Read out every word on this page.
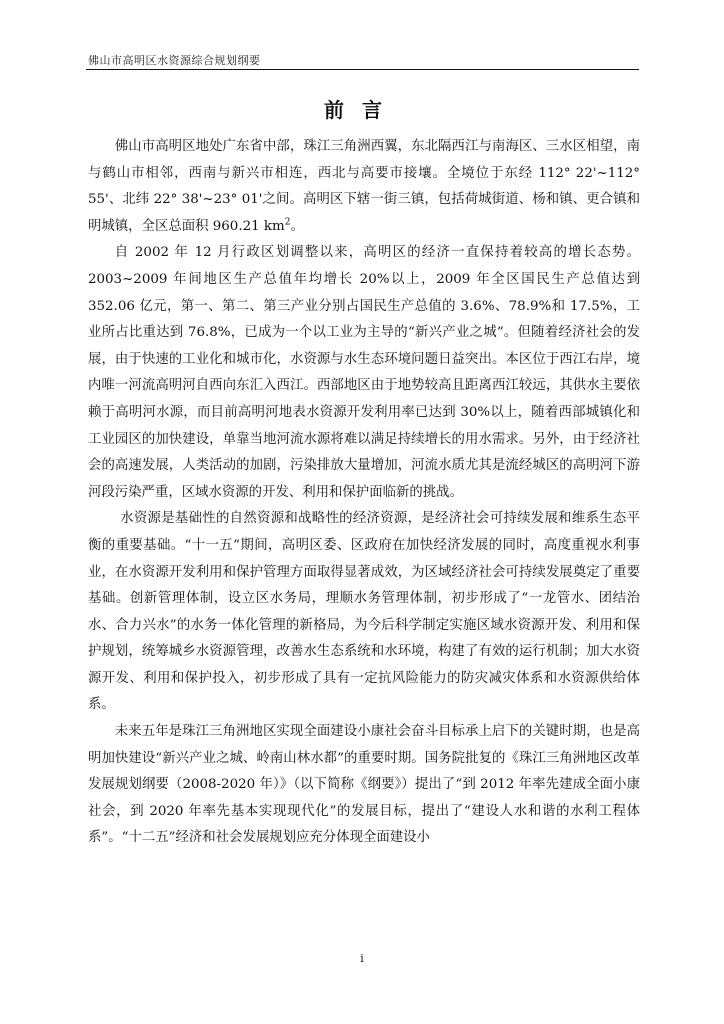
佛山市高明区水资源综合规划纲要
前言

佛山市高明区地处广东省中部，珠江三角洲西翼，东北隔西江与南海区、三水区相望，南与鹤山市相邻，西南与新兴市相连，西北与高要市接壤。全境位于东经 112° 22'~112° 55'、北纬 22° 38'~23° 01'之间。高明区下辖一街三镇，包括荷城街道、杨和镇、更合镇和明城镇，全区总面积 960.21 $km^2$。

自 2002 年 12 月行政区划调整以来，高明区的经济一直保持着较高的增长态势。2003~2009 年间地区生产总值年均增长 20%以上，2009 年全区国民生产总值达到 352.06 亿元，第一、第二、第三产业分别占国民生产总值的 3.6%、78.9%和 17.5%，工业所占比重达到 76.8%，已成为一个以工业为主导的“新兴产业之城”。但随着经济社会的发展，由于快速的工业化和城市化，水资源与水生态环境问题日益突出。本区位于西江右岸，境内唯一河流高明河自西向东汇入西江。西部地区由于地势较高且距离西江较远，其供水主要依赖于高明河水源，而目前高明河地表水资源开发利用率已达到 30%以上，随着西部城镇化和工业园区的加快建设，单靠当地河流水源将难以满足持续增长的用水需求。另外，由于经济社会的高速发展，人类活动的加剧，污染排放大量增加，河流水质尤其是流经城区的高明河下游河段污染严重，区域水资源的开发、利用和保护面临新的挑战。

水资源是基础性的自然资源和战略性的经济资源，是经济社会可持续发展和维系生态平衡的重要基础。“十一五”期间，高明区委、区政府在加快经济发展的同时，高度重视水利事业，在水资源开发利用和保护管理方面取得显著成效，为区域经济社会可持续发展奠定了重要基础。创新管理体制，设立区水务局，理顺水务管理体制，初步形成了“一龙管水、团结治水、合力兴水”的水务一体化管理的新格局，为今后科学制定实施区域水资源开发、利用和保护规划，统筹城乡水资源管理，改善水生态系统和水环境，构建了有效的运行机制；加大水资源开发、利用和保护投入，初步形成了具有一定抗风险能力的防灾减灾体系和水资源供给体系。

未来五年是珠江三角洲地区实现全面建设小康社会奋斗目标承上启下的关键时期，也是高明加快建设“新兴产业之城、岭南山林水都”的重要时期。国务院批复的《珠江三角洲地区改革发展规划纲要（2008-2020 年）》（以下简称《纲要》）提出了“到 2012 年率先建成全面小康社会，到 2020 年率先基本实现现代化”的发展目标，提出了“建设人水和谐的水利工程体系”。“十二五”经济和社会发展规划应充分体现全面建设小

i
